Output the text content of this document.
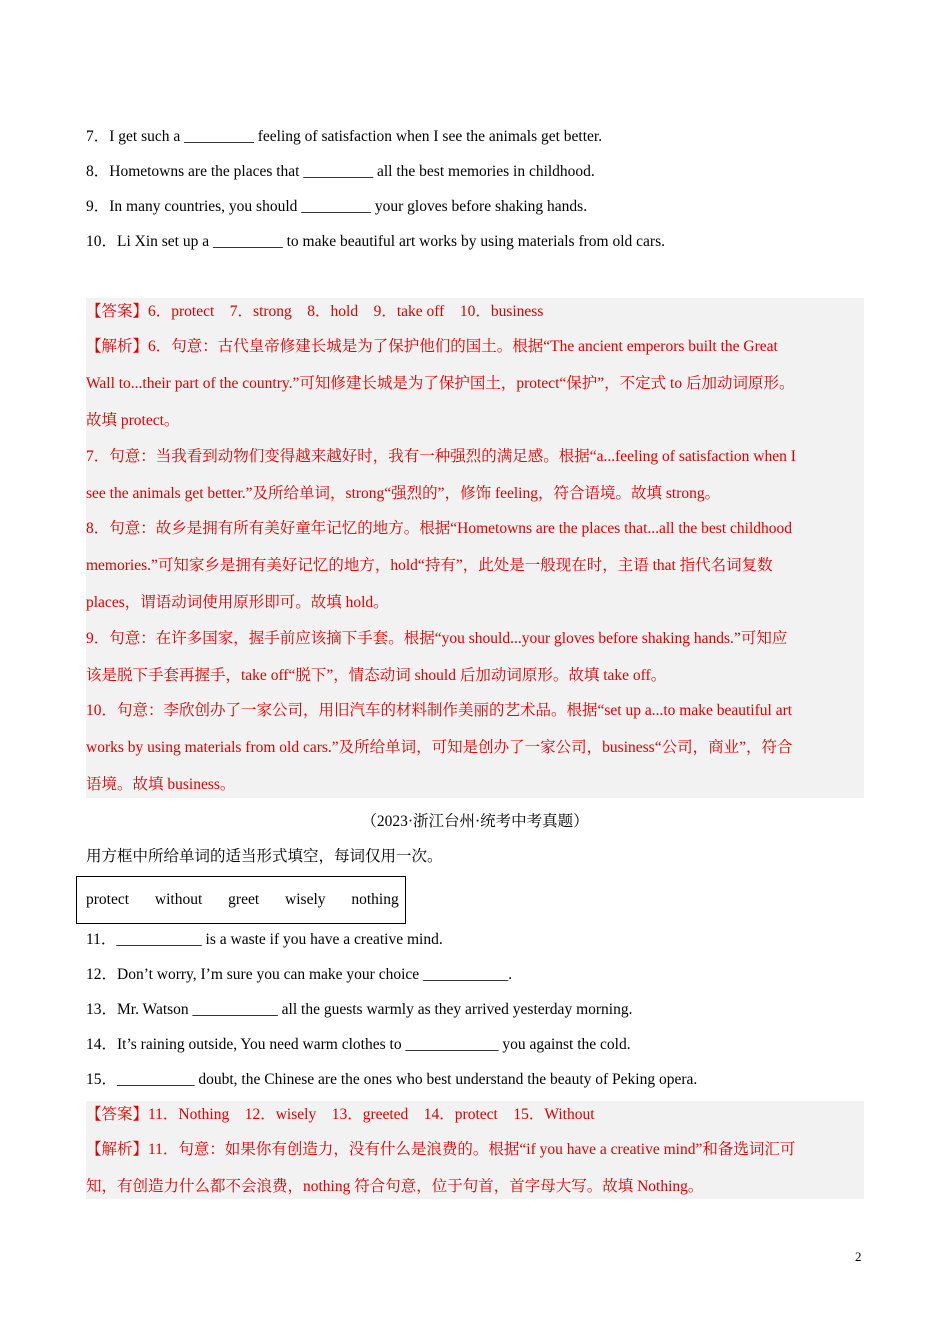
7．I get such a _________ feeling of satisfaction when I see the animals get better.
8．Hometowns are the places that _________ all the best memories in childhood.
9．In many countries, you should _________ your gloves before shaking hands.
10．Li Xin set up a _________ to make beautiful art works by using materials from old cars.
【答案】6．protect　7．strong　8．hold　9．take off　10．business
【解析】6．句意：古代皇帝修建长城是为了保护他们的国土。根据“The ancient emperors built the Great
Wall to...their part of the country.”可知修建长城是为了保护国土，protect“保护”，不定式 to 后加动词原形。
故填 protect。
7．句意：当我看到动物们变得越来越好时，我有一种强烈的满足感。根据“a...feeling of satisfaction when I
see the animals get better.”及所给单词，strong“强烈的”，修饰 feeling，符合语境。故填 strong。
8．句意：故乡是拥有所有美好童年记忆的地方。根据“Hometowns are the places that...all the best childhood
memories.”可知家乡是拥有美好记忆的地方，hold“持有”，此处是一般现在时，主语 that 指代名词复数
places，谓语动词使用原形即可。故填 hold。
9．句意：在许多国家，握手前应该摘下手套。根据“you should...your gloves before shaking hands.”可知应
该是脱下手套再握手，take off“脱下”，情态动词 should 后加动词原形。故填 take off。
10．句意：李欣创办了一家公司，用旧汽车的材料制作美丽的艺术品。根据“set up a...to make beautiful art
works by using materials from old cars.”及所给单词，可知是创办了一家公司，business“公司，商业”，符合
语境。故填 business。
（2023·浙江台州·统考中考真题）
用方框中所给单词的适当形式填空，每词仅用一次。
protect without greet wisely nothing
11．___________ is a waste if you have a creative mind.
12．Don’t worry, I’m sure you can make your choice ___________.
13．Mr. Watson ___________ all the guests warmly as they arrived yesterday morning.
14．It’s raining outside, You need warm clothes to ____________ you against the cold.
15．__________ doubt, the Chinese are the ones who best understand the beauty of Peking opera.
【答案】11．Nothing　12．wisely　13．greeted　14．protect　15．Without
【解析】11．句意：如果你有创造力，没有什么是浪费的。根据“if you have a creative mind”和备选词汇可
知，有创造力什么都不会浪费，nothing 符合句意，位于句首，首字母大写。故填 Nothing。
2
